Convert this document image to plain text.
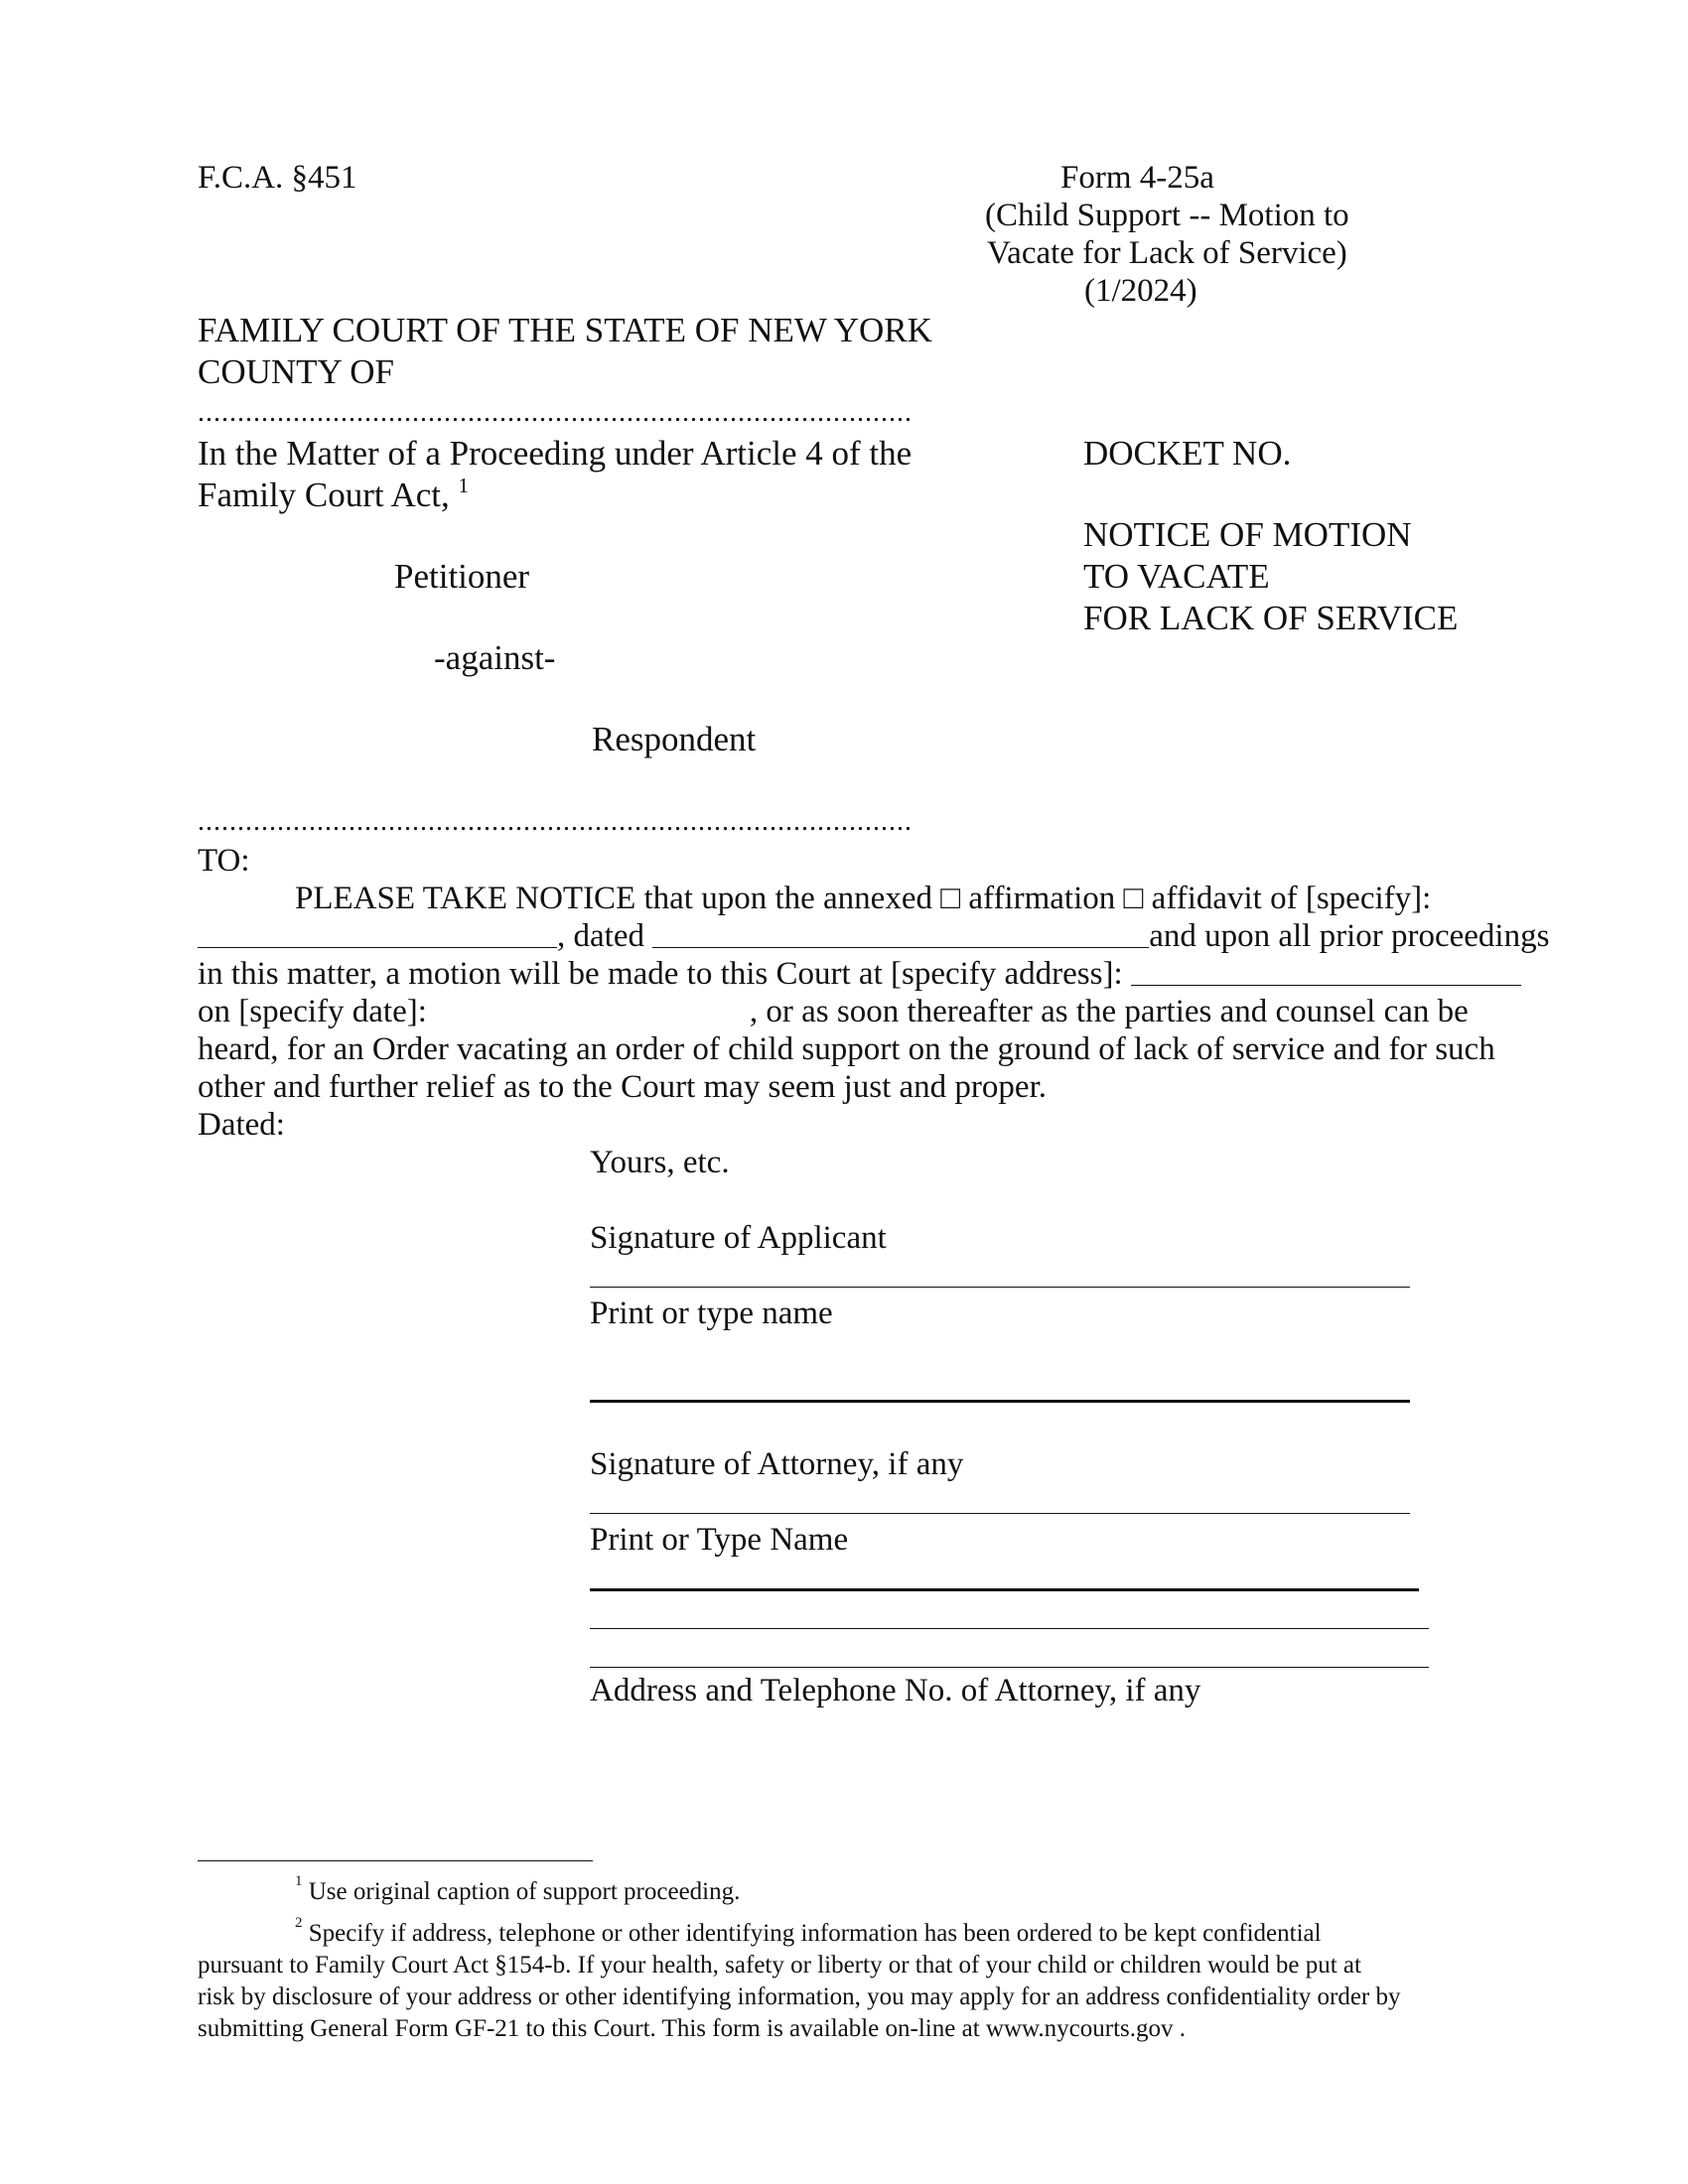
F.C.A. §451	Form 4-25a
(Child Support -- Motion to
Vacate for Lack of Service)
(1/2024)
FAMILY COURT OF THE STATE OF NEW YORK
COUNTY OF
..........................................................................................
In the Matter of a Proceeding under Article 4 of the
Family Court Act, $^1$
Petitioner
-against-
Respondent
..........................................................................................
DOCKET NO.
NOTICE OF MOTION
TO VACATE
FOR LACK OF SERVICE
TO:
PLEASE TAKE NOTICE that upon the annexed □ affirmation □ affidavit of [specify]:
, dated	and upon all prior proceedings
in this matter, a motion will be made to this Court at [specify address]:
on [specify date]:	, or as soon thereafter as the parties and counsel can be
heard, for an Order vacating an order of child support on the ground of lack of service and for such
other and further relief as to the Court may seem just and proper.
Dated:
Yours, etc.
Signature of Applicant
Print or type name
Signature of Attorney, if any
Print or Type Name
Address and Telephone No. of Attorney, if any
$^1$ Use original caption of support proceeding.
$^2$ Specify if address, telephone or other identifying information has been ordered to be kept confidential
pursuant to Family Court Act §154-b. If your health, safety or liberty or that of your child or children would be put at
risk by disclosure of your address or other identifying information, you may apply for an address confidentiality order by
submitting General Form GF-21 to this Court. This form is available on-line at www.nycourts.gov .
